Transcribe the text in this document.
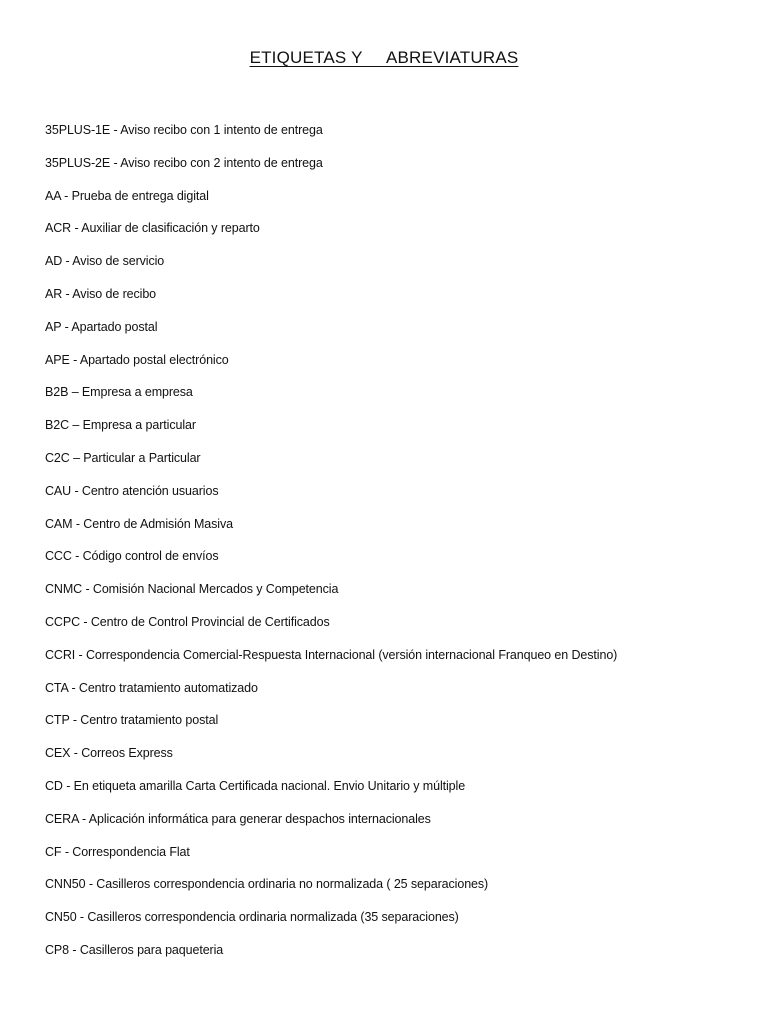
ETIQUETAS Y     ABREVIATURAS
35PLUS-1E - Aviso recibo con 1 intento de entrega
35PLUS-2E - Aviso recibo con 2 intento de entrega
AA - Prueba de entrega digital
ACR - Auxiliar de clasificación y reparto
AD - Aviso de servicio
AR - Aviso de recibo
AP - Apartado postal
APE - Apartado postal electrónico
B2B – Empresa a empresa
B2C – Empresa a particular
C2C – Particular a Particular
CAU - Centro atención usuarios
CAM - Centro de Admisión Masiva
CCC - Código control de envíos
CNMC - Comisión Nacional Mercados y Competencia
CCPC - Centro de Control Provincial de Certificados
CCRI - Correspondencia Comercial-Respuesta Internacional (versión internacional Franqueo en Destino)
CTA - Centro tratamiento automatizado
CTP - Centro tratamiento postal
CEX - Correos Express
CD - En etiqueta amarilla Carta Certificada nacional. Envio Unitario y múltiple
CERA - Aplicación informática para generar despachos internacionales
CF - Correspondencia Flat
CNN50 - Casilleros correspondencia ordinaria no normalizada ( 25 separaciones)
CN50 - Casilleros correspondencia ordinaria normalizada (35 separaciones)
CP8 - Casilleros para paqueteria
